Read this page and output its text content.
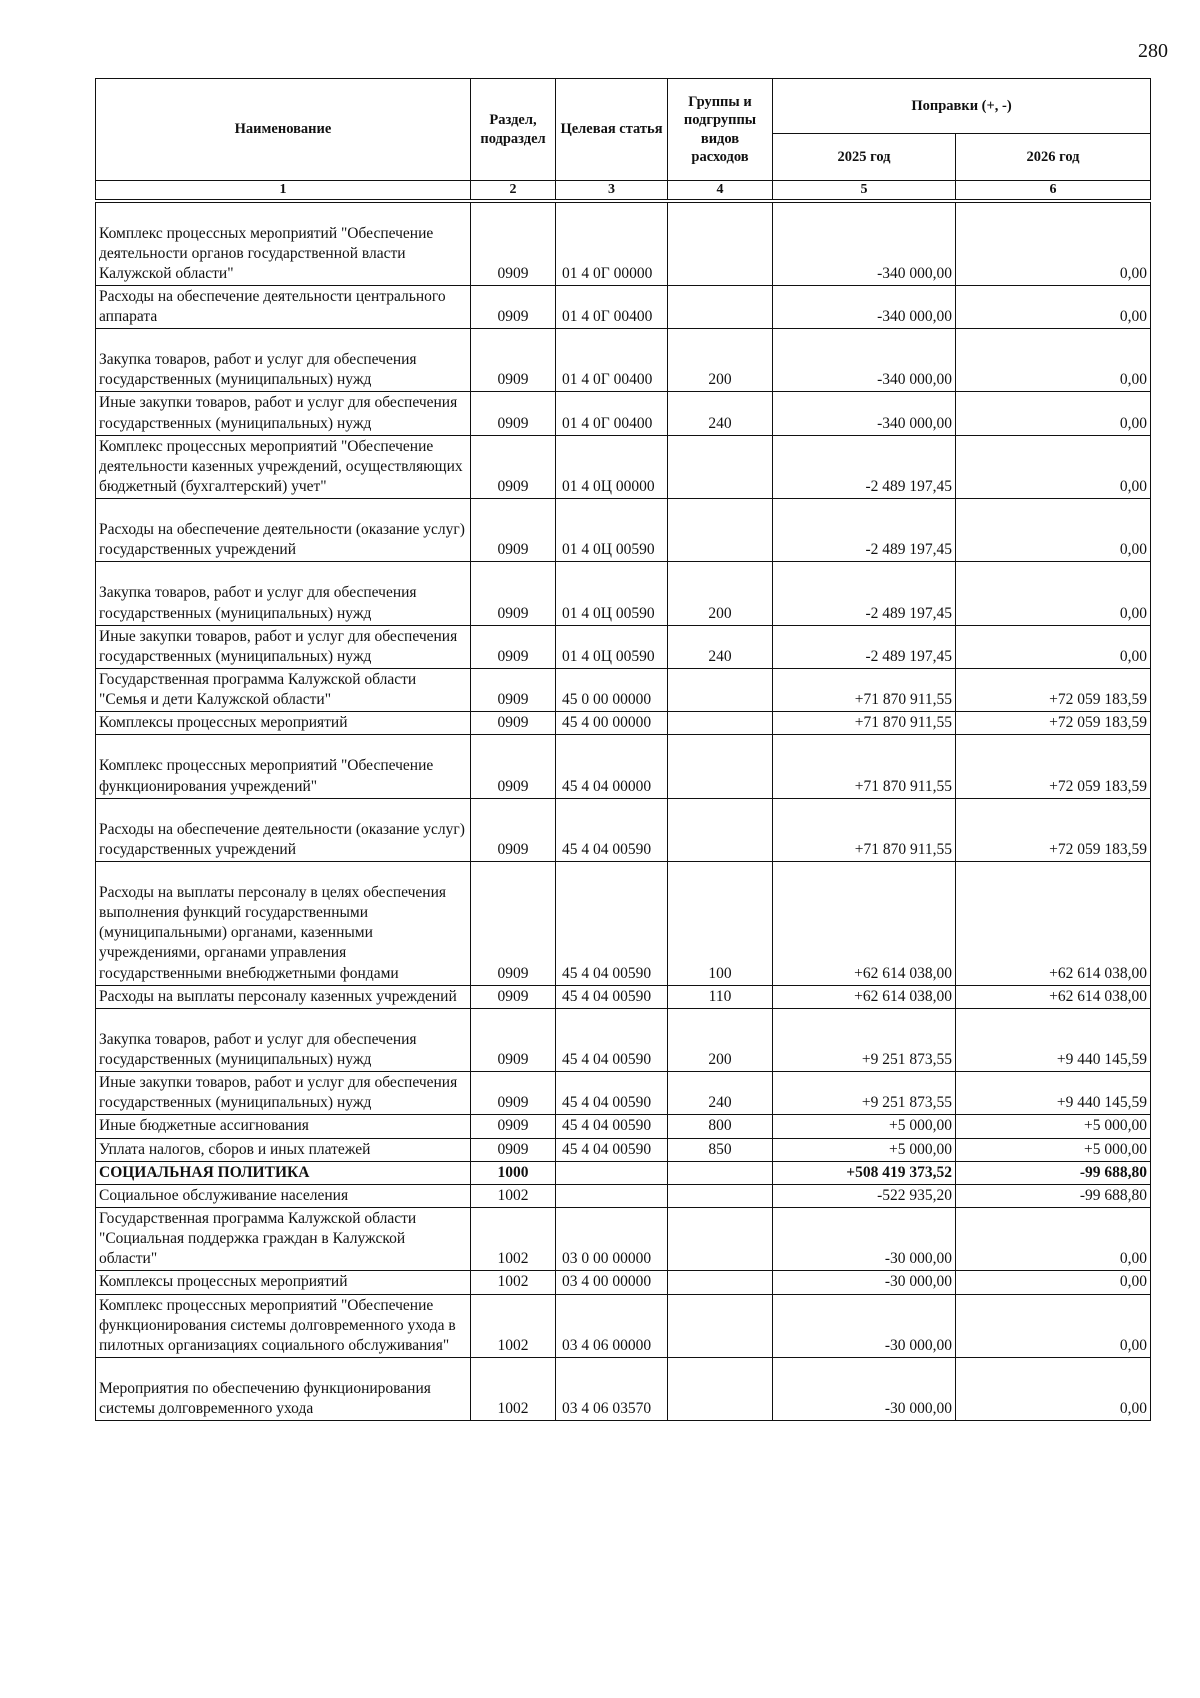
280
Наименование	Раздел, подраздел	Целевая статья	Группы и подгруппы видов расходов	Поправки (+, -)	
				2025 год	2026 год
1	2	3	4	5	6

Комплекс процессных мероприятий "Обеспечение деятельности органов государственной власти Калужской области"	0909	01 4 0Г 00000		-340 000,00	0,00
Расходы на обеспечение деятельности центрального аппарата	0909	01 4 0Г 00400		-340 000,00	0,00

Закупка товаров, работ и услуг для обеспечения государственных (муниципальных) нужд	0909	01 4 0Г 00400	200	-340 000,00	0,00
Иные закупки товаров, работ и услуг для обеспечения государственных (муниципальных) нужд	0909	01 4 0Г 00400	240	-340 000,00	0,00
Комплекс процессных мероприятий "Обеспечение деятельности казенных учреждений, осуществляющих бюджетный (бухгалтерский) учет"	0909	01 4 0Ц 00000		-2 489 197,45	0,00

Расходы на обеспечение деятельности (оказание услуг) государственных учреждений	0909	01 4 0Ц 00590		-2 489 197,45	0,00

Закупка товаров, работ и услуг для обеспечения государственных (муниципальных) нужд	0909	01 4 0Ц 00590	200	-2 489 197,45	0,00
Иные закупки товаров, работ и услуг для обеспечения государственных (муниципальных) нужд	0909	01 4 0Ц 00590	240	-2 489 197,45	0,00
Государственная программа Калужской области "Семья и дети Калужской области"	0909	45 0 00 00000		+71 870 911,55	+72 059 183,59
Комплексы процессных мероприятий	0909	45 4 00 00000		+71 870 911,55	+72 059 183,59

Комплекс процессных мероприятий "Обеспечение функционирования учреждений"	0909	45 4 04 00000		+71 870 911,55	+72 059 183,59

Расходы на обеспечение деятельности (оказание услуг) государственных учреждений	0909	45 4 04 00590		+71 870 911,55	+72 059 183,59

Расходы на выплаты персоналу в целях обеспечения выполнения функций государственными (муниципальными) органами, казенными учреждениями, органами управления государственными внебюджетными фондами	0909	45 4 04 00590	100	+62 614 038,00	+62 614 038,00
Расходы на выплаты персоналу казенных учреждений	0909	45 4 04 00590	110	+62 614 038,00	+62 614 038,00

Закупка товаров, работ и услуг для обеспечения государственных (муниципальных) нужд	0909	45 4 04 00590	200	+9 251 873,55	+9 440 145,59
Иные закупки товаров, работ и услуг для обеспечения государственных (муниципальных) нужд	0909	45 4 04 00590	240	+9 251 873,55	+9 440 145,59
Иные бюджетные ассигнования	0909	45 4 04 00590	800	+5 000,00	+5 000,00
Уплата налогов, сборов и иных платежей	0909	45 4 04 00590	850	+5 000,00	+5 000,00
СОЦИАЛЬНАЯ ПОЛИТИКА	1000			+508 419 373,52	-99 688,80
Социальное обслуживание населения	1002			-522 935,20	-99 688,80
Государственная программа Калужской области "Социальная поддержка граждан в Калужской области"	1002	03 0 00 00000		-30 000,00	0,00
Комплексы процессных мероприятий	1002	03 4 00 00000		-30 000,00	0,00
Комплекс процессных мероприятий "Обеспечение функционирования системы долговременного ухода в пилотных организациях социального обслуживания"	1002	03 4 06 00000		-30 000,00	0,00

Мероприятия по обеспечению функционирования системы долговременного ухода	1002	03 4 06 03570		-30 000,00	0,00
